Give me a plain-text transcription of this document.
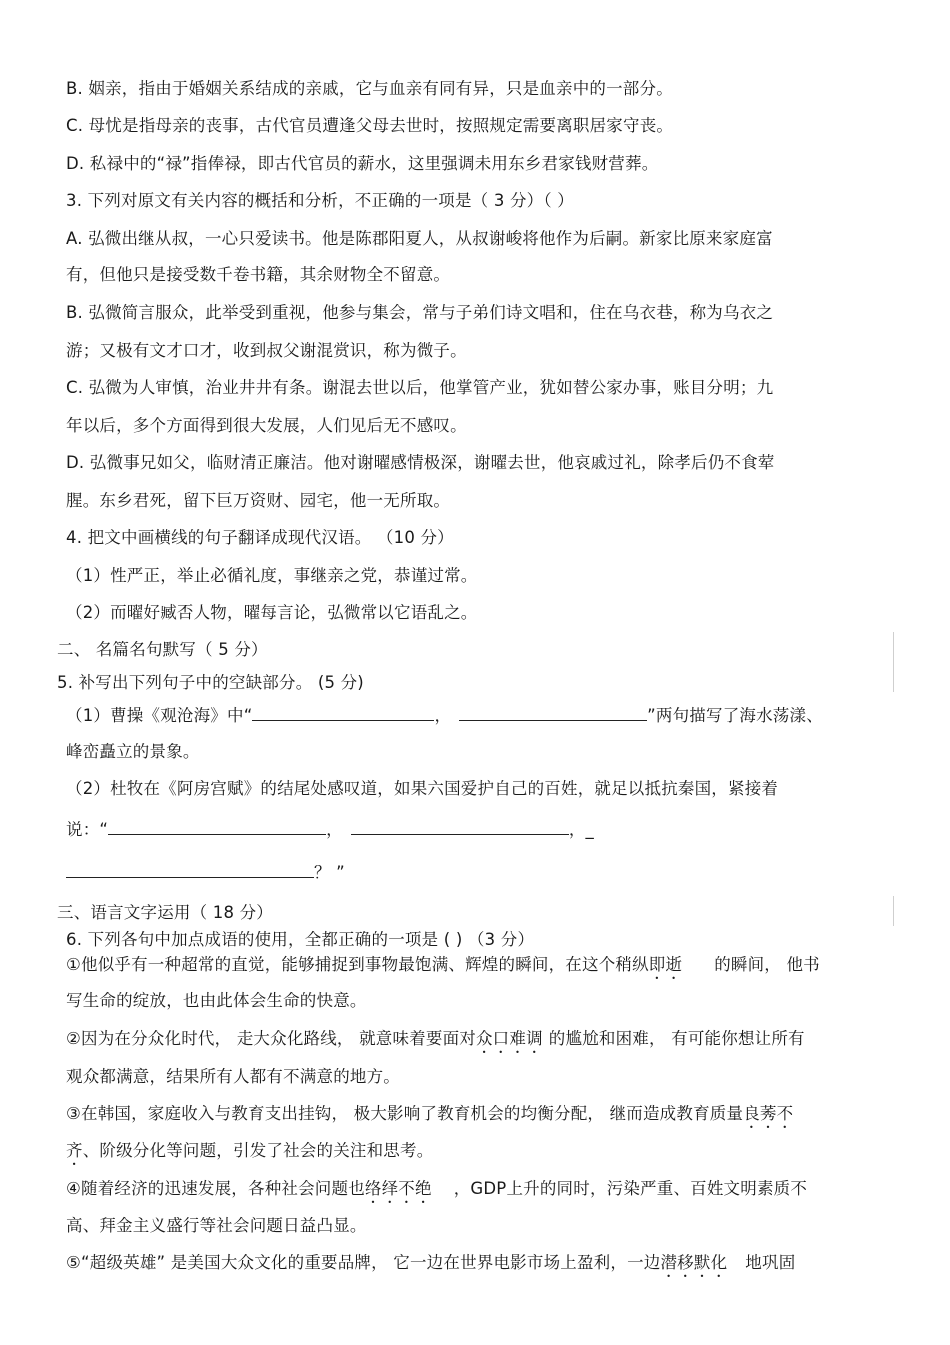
B. 姻亲，指由于婚姻关系结成的亲戚，它与血亲有同有异，只是血亲中的一部分。
C. 母忧是指母亲的丧事，古代官员遭逢父母去世时，按照规定需要离职居家守丧。
D. 私禄中的“禄”指俸禄，即古代官员的薪水，这里强调未用东乡君家钱财营葬。
3. 下列对原文有关内容的概括和分析，不正确的一项是（ 3 分）（ ）
A. 弘微出继从叔，一心只爱读书。他是陈郡阳夏人，从叔谢峻将他作为后嗣。新家比原来家庭富
有，但他只是接受数千卷书籍，其余财物全不留意。
B. 弘微简言服众，此举受到重视，他参与集会，常与子弟们诗文唱和，住在乌衣巷，称为乌衣之
游；又极有文才口才，收到叔父谢混赏识，称为微子。
C. 弘微为人审慎，治业井井有条。谢混去世以后，他掌管产业，犹如替公家办事，账目分明；九
年以后，多个方面得到很大发展，人们见后无不感叹。
D. 弘微事兄如父，临财清正廉洁。他对谢曜感情极深，谢曜去世，他哀戚过礼，除孝后仍不食荤
腥。东乡君死，留下巨万资财、园宅，他一无所取。
4. 把文中画横线的句子翻译成现代汉语。 （10 分）
（1）性严正，举止必循礼度，事继亲之党，恭谨过常。
（2）而曜好臧否人物，曜每言论，弘微常以它语乱之。
二、 名篇名句默写（ 5 分）
5. 补写出下列句子中的空缺部分。 (5 分)
（1）曹操《观沧海》中“	，	”两句描写了海水荡漾、
峰峦矗立的景象。
（2）杜牧在《阿房宫赋》的结尾处感叹道，如果六国爱护自己的百姓，就足以抵抗秦国，紧接着
说：“	，	，_
？ ”
三、语言文字运用（ 18 分）
6. 下列各句中加点成语的使用，全都正确的一项是 ( ) （3 分）
①他似乎有一种超常的直觉，能够捕捉到事物最饱满、辉煌的瞬间，在这个稍纵即逝 的瞬间， 他书
写生命的绽放，也由此体会生命的快意。
②因为在分众化时代， 走大众化路线， 就意味着要面对众口难调 的尴尬和困难， 有可能你想让所有
观众都满意，结果所有人都有不满意的地方。
③在韩国，家庭收入与教育支出挂钩， 极大影响了教育机会的均衡分配， 继而造成教育质量良莠不
齐、阶级分化等问题，引发了社会的关注和思考。
④随着经济的迅速发展，各种社会问题也络绎不绝 ，GDP上升的同时，污染严重、百姓文明素质不
高、拜金主义盛行等社会问题日益凸显。
⑤“超级英雄” 是美国大众文化的重要品牌， 它一边在世界电影市场上盈利，一边潜移默化 地巩固
